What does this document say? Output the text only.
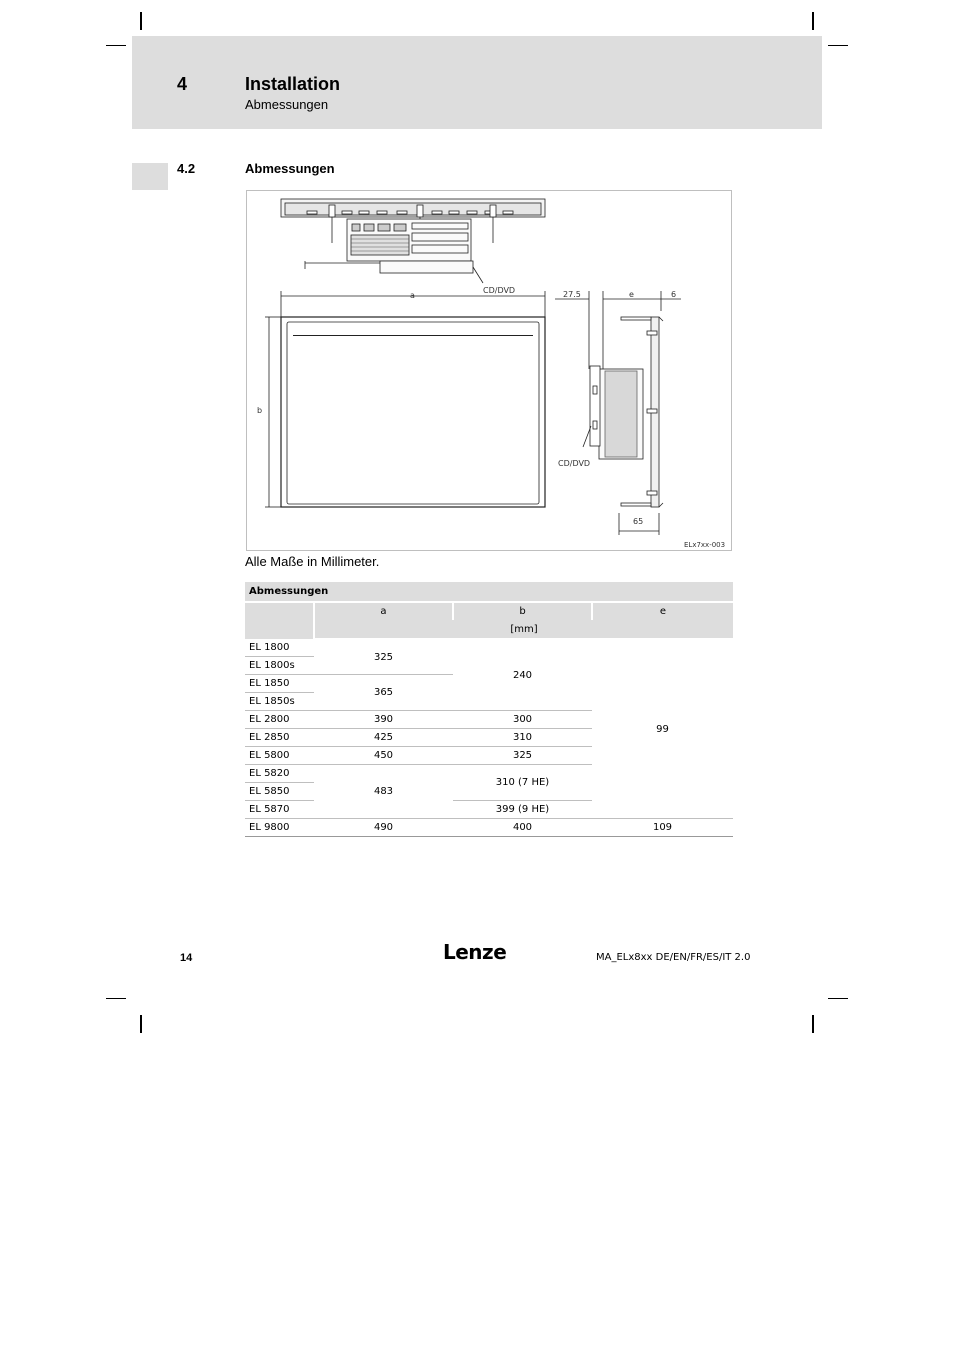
4	Installation
Abmessungen
4.2	Abmessungen
a
b
27.5	e	6
65
CD/DVD
CD/DVD
ELx7xx-003
Alle Maße in Millimeter.
Abmessungen			
	a	b	e
	[mm]		
EL 1800	325	240	99
EL 1800s			
EL 1850	365		
EL 1850s			
EL 2800	390	300	
EL 2850	425	310	
EL 5800	450	325	
EL 5820	483	310 (7 HE)	
EL 5850			
EL 5870		399 (9 HE)	
EL 9800	490	400	109
14	Lenze	MA_ELx8xx DE/EN/FR/ES/IT 2.0
